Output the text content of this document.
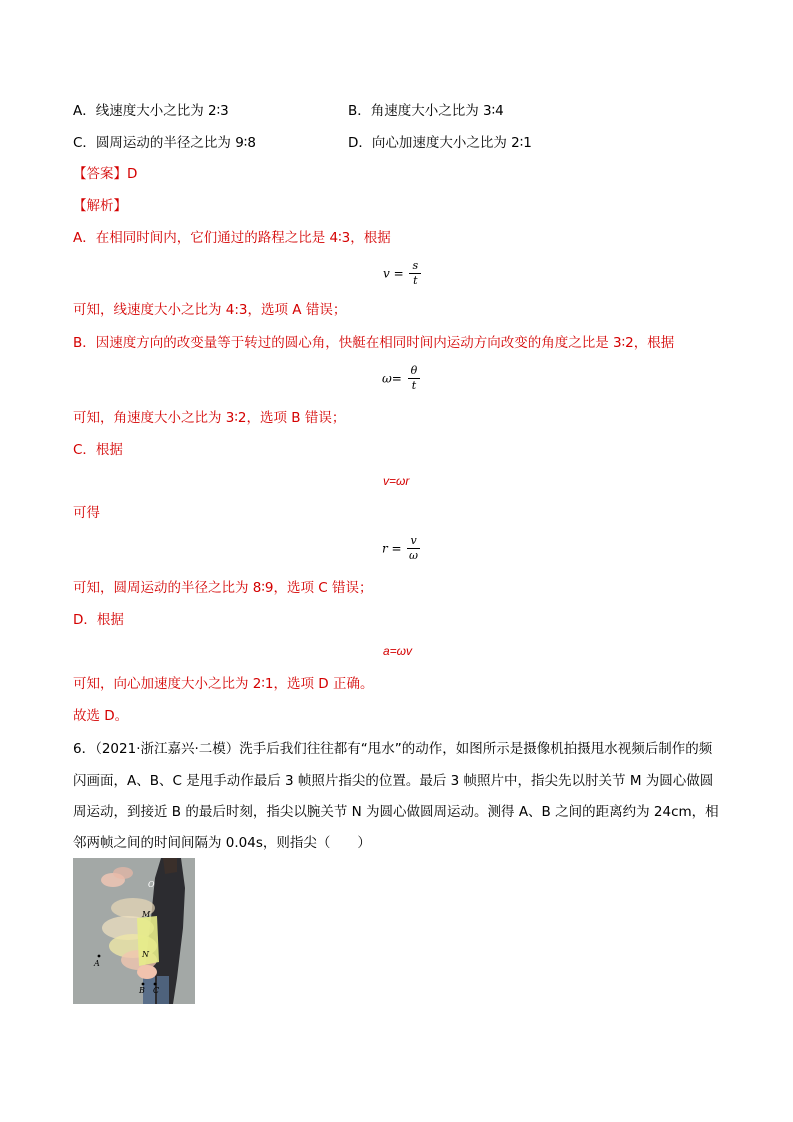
A．线速度大小之比为 2∶3	B．角速度大小之比为 3∶4
C．圆周运动的半径之比为 9∶8	D．向心加速度大小之比为 2∶1
【答案】D
【解析】
A．在相同时间内，它们通过的路程之比是 4∶3，根据
$v = \frac{s}{t}$
可知，线速度大小之比为 4:3，选项 A 错误；
B．因速度方向的改变量等于转过的圆心角，快艇在相同时间内运动方向改变的角度之比是 3∶2，根据
$\omega= \frac{\theta}{t}$
可知，角速度大小之比为 3∶2，选项 B 错误；
C．根据
v=ωr
可得
$r = \frac{v}{\omega}$
可知，圆周运动的半径之比为 8∶9，选项 C 错误；
D．根据
a=ωv
可知，向心加速度大小之比为 2∶1，选项 D 正确。
故选 D。
6．（2021·浙江嘉兴·二模）洗手后我们往往都有“甩水”的动作，如图所示是摄像机拍摄甩水视频后制作的频
闪画面，A、B、C 是甩手动作最后 3 帧照片指尖的位置。最后 3 帧照片中，指尖先以肘关节 M 为圆心做圆
周运动，到接近 B 的最后时刻，指尖以腕关节 N 为圆心做圆周运动。测得 A、B 之间的距离约为 24cm，相
邻两帧之间的时间间隔为 0.04s，则指尖（　　）
O
M
N
A
B C
